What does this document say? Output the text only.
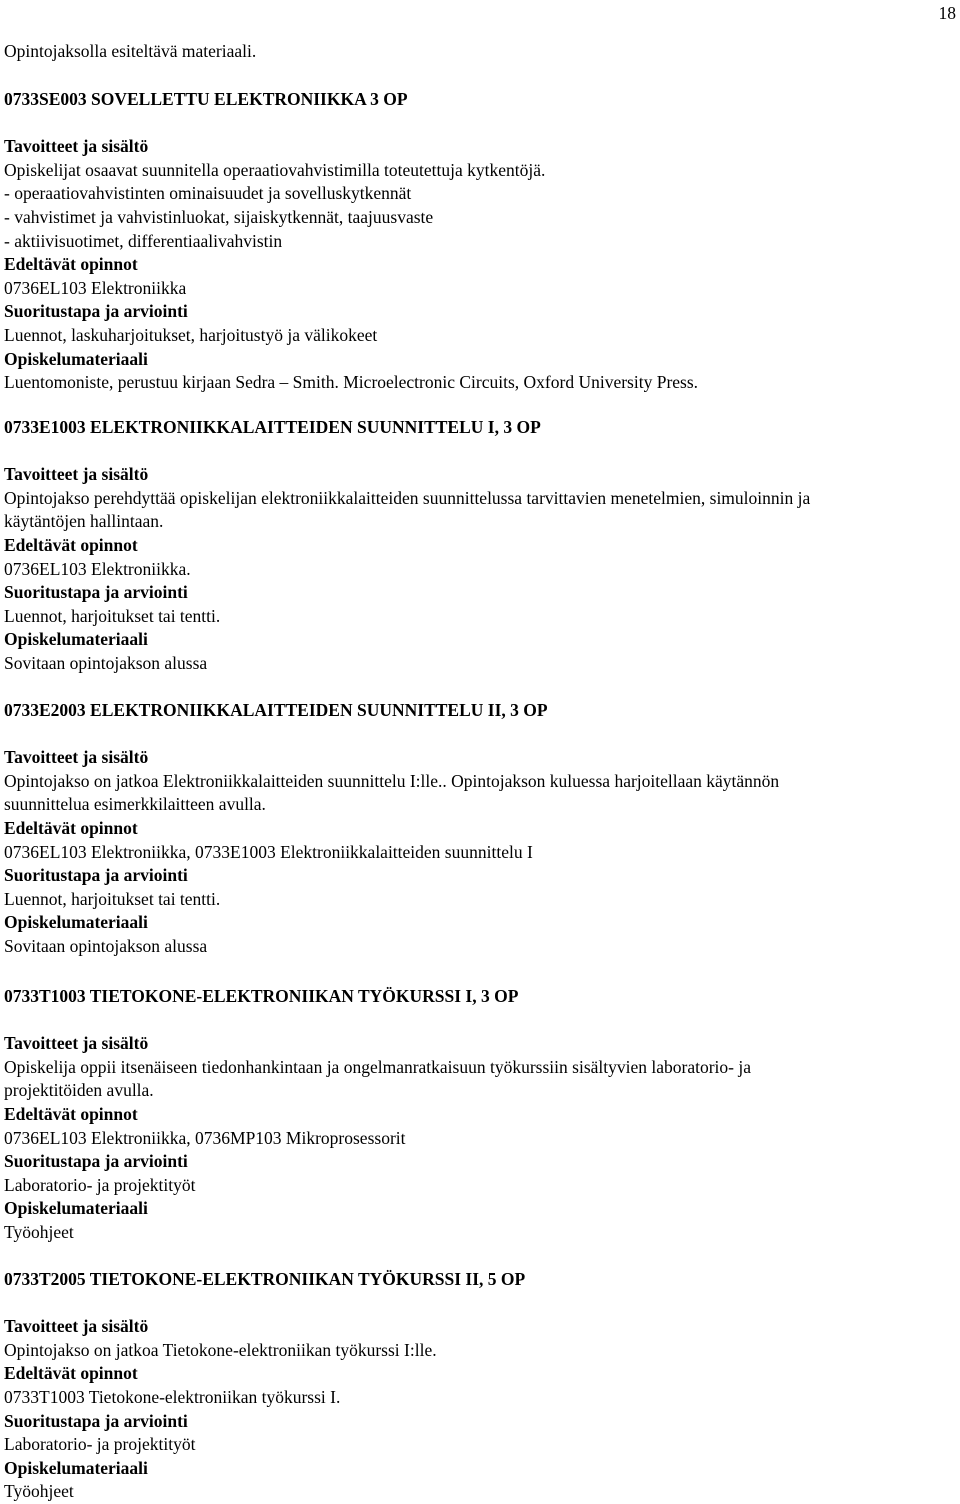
18
Opintojaksolla esiteltävä materiaali.
0733SE003 SOVELLETTU ELEKTRONIIKKA 3 OP
Tavoitteet ja sisältö
Opiskelijat osaavat suunnitella operaatiovahvistimilla toteutettuja kytkentöjä.
- operaatiovahvistinten ominaisuudet ja sovelluskytkennät
- vahvistimet ja vahvistinluokat, sijaiskytkennät, taajuusvaste
- aktiivisuotimet, differentiaalivahvistin
Edeltävät opinnot
0736EL103 Elektroniikka
Suoritustapa ja arviointi
Luennot, laskuharjoitukset, harjoitustyö ja välikokeet
Opiskelumateriaali
Luentomoniste, perustuu kirjaan Sedra – Smith. Microelectronic Circuits, Oxford University Press.
0733E1003 ELEKTRONIIKKALAITTEIDEN SUUNNITTELU I, 3 OP
Tavoitteet ja sisältö
Opintojakso perehdyttää opiskelijan elektroniikkalaitteiden suunnittelussa tarvittavien menetelmien, simuloinnin ja
käytäntöjen hallintaan.
Edeltävät opinnot
0736EL103 Elektroniikka.
Suoritustapa ja arviointi
Luennot, harjoitukset tai tentti.
Opiskelumateriaali
Sovitaan opintojakson alussa
0733E2003 ELEKTRONIIKKALAITTEIDEN SUUNNITTELU II, 3 OP
Tavoitteet ja sisältö
Opintojakso on jatkoa Elektroniikkalaitteiden suunnittelu I:lle.. Opintojakson kuluessa harjoitellaan käytännön
suunnittelua esimerkkilaitteen avulla.
Edeltävät opinnot
0736EL103 Elektroniikka, 0733E1003 Elektroniikkalaitteiden suunnittelu I
Suoritustapa ja arviointi
Luennot, harjoitukset tai tentti.
Opiskelumateriaali
Sovitaan opintojakson alussa
0733T1003 TIETOKONE-ELEKTRONIIKAN TYÖKURSSI I, 3 OP
Tavoitteet ja sisältö
Opiskelija oppii itsenäiseen tiedonhankintaan ja ongelmanratkaisuun työkurssiin sisältyvien laboratorio- ja
projektitöiden avulla.
Edeltävät opinnot
0736EL103 Elektroniikka, 0736MP103 Mikroprosessorit
Suoritustapa ja arviointi
Laboratorio- ja projektityöt
Opiskelumateriaali
Työohjeet
0733T2005 TIETOKONE-ELEKTRONIIKAN TYÖKURSSI II, 5 OP
Tavoitteet ja sisältö
Opintojakso on jatkoa Tietokone-elektroniikan työkurssi I:lle.
Edeltävät opinnot
0733T1003 Tietokone-elektroniikan työkurssi I.
Suoritustapa ja arviointi
Laboratorio- ja projektityöt
Opiskelumateriaali
Työohjeet
